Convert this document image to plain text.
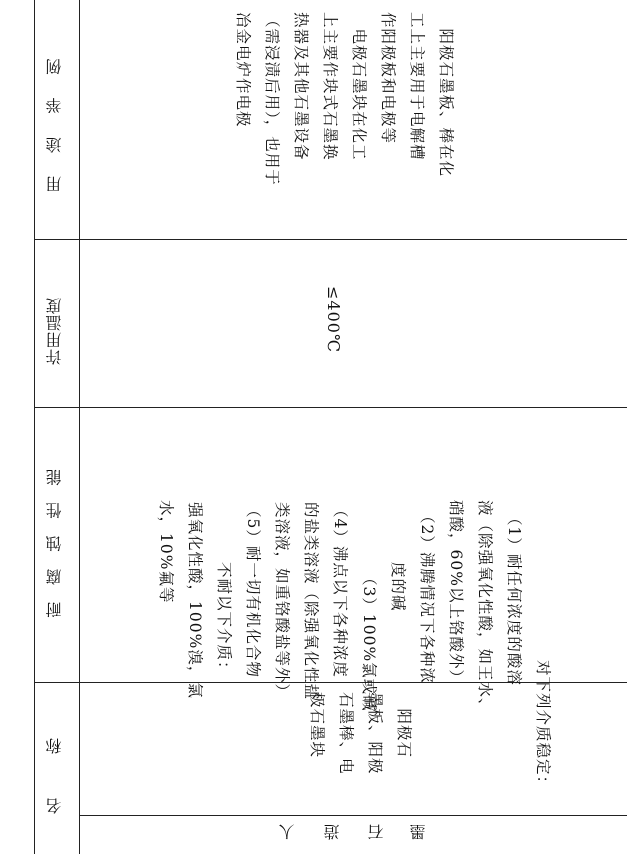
名　　称
耐 腐 蚀 性 能
许用温度
用 途 举 例
人 造 石 墨

　阳极石

墨板、阳极

石墨棒、电

极石墨块	对下列介质稳定：

（1）耐任何浓度的酸溶

液（除强氧化性酸，如王水、

硝酸，60%以上铬酸外）

（2）沸腾情况下各种浓

度的碱

（3）100%氯或碱

（4）沸点以下各种浓度

的盐类溶液（除强氧化性盐

类溶液，如重铬酸盐等外）

（5）耐一切有机化合物

不耐以下介质：

强氧化性酸，100%溴，氯

水，10%氟等

≤400℃

　阳极石墨板、棒在化

工上主要用于电解槽

作阳极板和电极等

　电极石墨块在化工

上主要作块式石墨换

热器及其他石墨设备

（需浸渍后用），也用于

冶金电炉作电极
